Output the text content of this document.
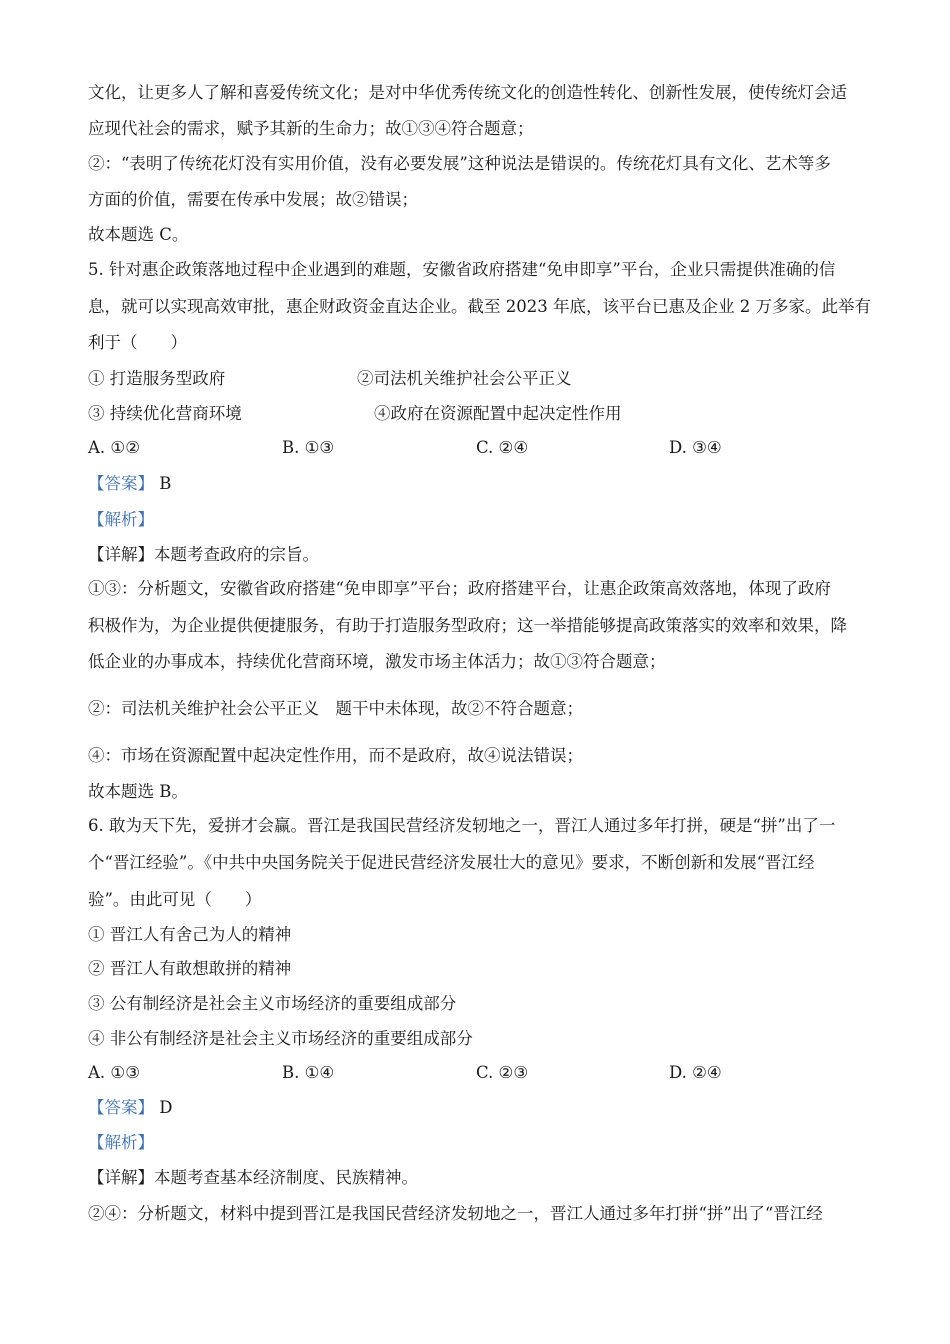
文化，让更多人了解和喜爱传统文化；是对中华优秀传统文化的创造性转化、创新性发展，使传统灯会适
应现代社会的需求，赋予其新的生命力；故①③④符合题意；
②：“表明了传统花灯没有实用价值，没有必要发展”这种说法是错误的。传统花灯具有文化、艺术等多
方面的价值，需要在传承中发展；故②错误；
故本题选 C。
5. 针对惠企政策落地过程中企业遇到的难题，安徽省政府搭建“免申即享”平台，企业只需提供准确的信
息，就可以实现高效审批，惠企财政资金直达企业。截至 2023 年底，该平台已惠及企业 2 万多家。此举有
利于（　　）
① 打造服务型政府	②司法机关维护社会公平正义
③ 持续优化营商环境	④政府在资源配置中起决定性作用
A. ①②	B. ①③	C. ②④	D. ③④
【答案】 B
【解析】
【详解】本题考查政府的宗旨。
①③：分析题文，安徽省政府搭建“免申即享”平台；政府搭建平台，让惠企政策高效落地，体现了政府
积极作为，为企业提供便捷服务，有助于打造服务型政府；这一举措能够提高政策落实的效率和效果，降
低企业的办事成本，持续优化营商环境，激发市场主体活力；故①③符合题意；
②：司法机关维护社会公平正义　题干中未体现，故②不符合题意；
④：市场在资源配置中起决定性作用，而不是政府，故④说法错误；
故本题选 B。
6. 敢为天下先，爱拼才会赢。晋江是我国民营经济发轫地之一，晋江人通过多年打拼，硬是“拼”出了一
个“晋江经验”。《中共中央国务院关于促进民营经济发展壮大的意见》要求，不断创新和发展“晋江经
验”。由此可见（　　）
① 晋江人有舍己为人的精神
② 晋江人有敢想敢拼的精神
③ 公有制经济是社会主义市场经济的重要组成部分
④ 非公有制经济是社会主义市场经济的重要组成部分
A. ①③	B. ①④	C. ②③	D. ②④
【答案】 D
【解析】
【详解】本题考查基本经济制度、民族精神。
②④：分析题文，材料中提到晋江是我国民营经济发轫地之一，晋江人通过多年打拼“拼”出了“晋江经
